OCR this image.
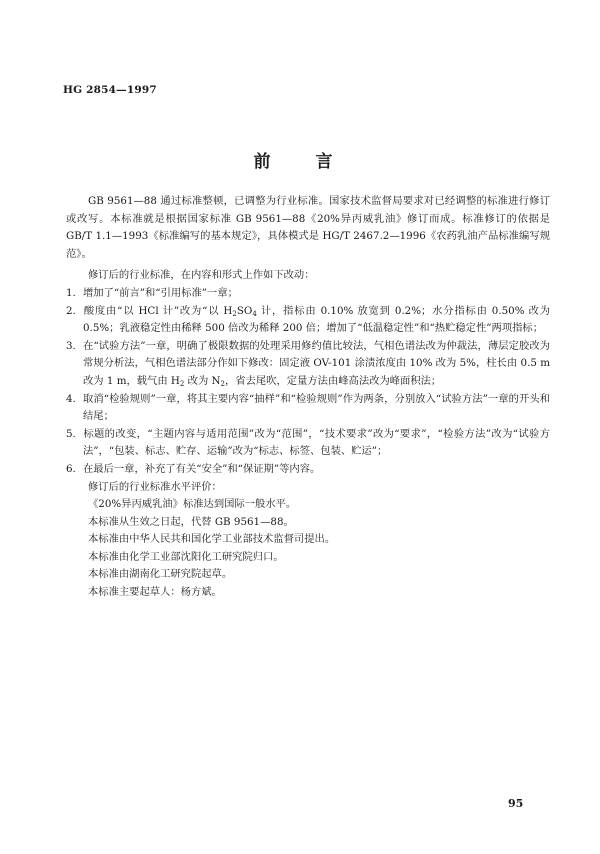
HG 2854—1997
前　言

GB 9561—88 通过标准整顿，已调整为行业标准。国家技术监督局要求对已经调整的标准进行修订或改写。本标准就是根据国家标准 GB 9561—88《20%异丙威乳油》修订而成。标准修订的依据是 GB/T 1.1—1993《标准编写的基本规定》，具体模式是 HG/T 2467.2—1996《农药乳油产品标准编写规范》。

修订后的行业标准，在内容和形式上作如下改动：

1. 增加了“前言”和“引用标准”一章；

2. 酸度由“以 HCl 计”改为“以 $H_2SO_4$ 计，指标由 0.10% 放宽到 0.2%；水分指标由 0.50% 改为 0.5%；乳液稳定性由稀释 500 倍改为稀释 200 倍；增加了“低温稳定性”和“热贮稳定性”两项指标；

3. 在“试验方法”一章，明确了极限数据的处理采用修约值比较法，气相色谱法改为仲裁法，薄层定胶改为常规分析法，气相色谱法部分作如下修改：固定液 OV-101 涂渍浓度由 10% 改为 5%，柱长由 0.5 m 改为 1 m，载气由 $H_2$ 改为 $N_2$，省去尾吹，定量方法由峰高法改为峰面积法；

4. 取消“检验规则”一章，将其主要内容“抽样”和“检验规则”作为两条，分别放入“试验方法”一章的开头和结尾；

5. 标题的改变，“主题内容与适用范围”改为“范围”，“技术要求”改为“要求”，“检验方法”改为“试验方法”，“包装、标志、贮存、运输”改为“标志、标签、包装、贮运”；

6. 在最后一章，补充了有关“安全”和“保证期”等内容。

修订后的行业标准水平评价：

《20%异丙威乳油》标准达到国际一般水平。

本标准从生效之日起，代替 GB 9561—88。

本标准由中华人民共和国化学工业部技术监督司提出。

本标准由化学工业部沈阳化工研究院归口。

本标准由湖南化工研究院起草。

本标准主要起草人：杨方斌。

95
